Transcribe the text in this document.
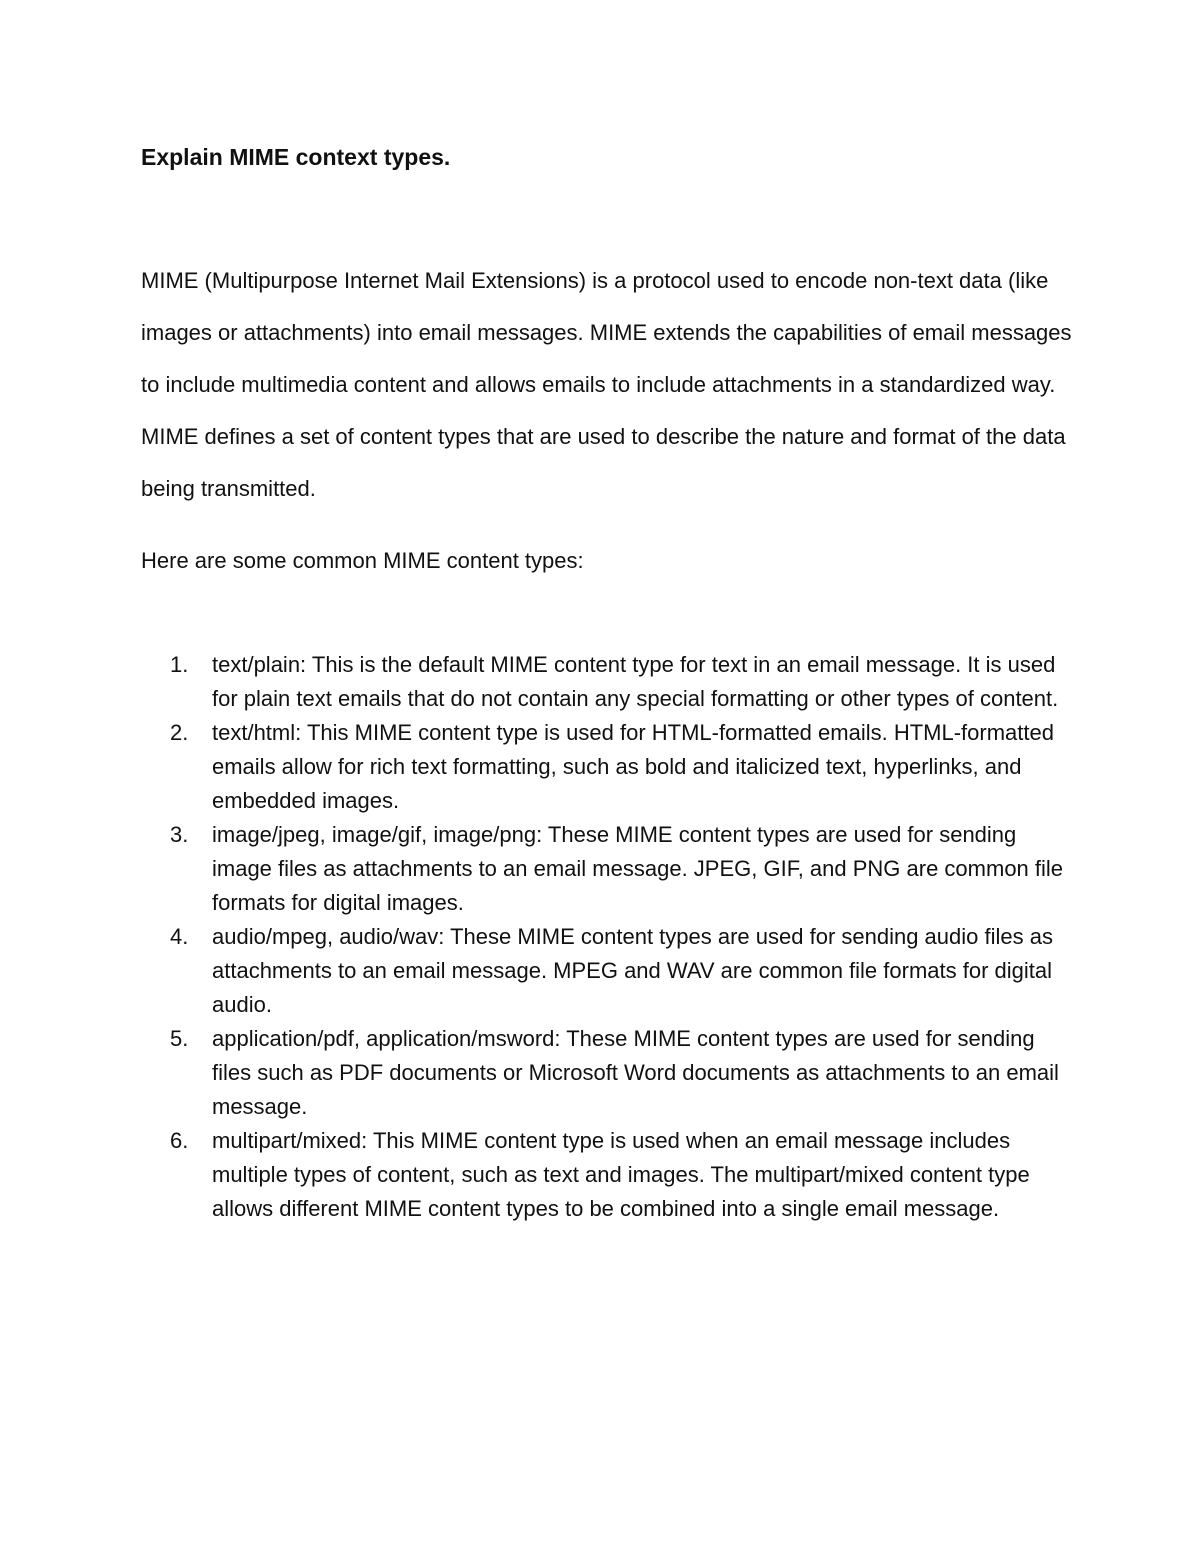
Explain MIME context types.

MIME (Multipurpose Internet Mail Extensions) is a protocol used to encode non-text data (like images or attachments) into email messages. MIME extends the capabilities of email messages to include multimedia content and allows emails to include attachments in a standardized way. MIME defines a set of content types that are used to describe the nature and format of the data being transmitted.

Here are some common MIME content types:

1.	text/plain: This is the default MIME content type for text in an email message. It is used for plain text emails that do not contain any special formatting or other types of content.
2.	text/html: This MIME content type is used for HTML-formatted emails. HTML-formatted emails allow for rich text formatting, such as bold and italicized text, hyperlinks, and embedded images.
3.	image/jpeg, image/gif, image/png: These MIME content types are used for sending image files as attachments to an email message. JPEG, GIF, and PNG are common file formats for digital images.
4.	audio/mpeg, audio/wav: These MIME content types are used for sending audio files as attachments to an email message. MPEG and WAV are common file formats for digital audio.
5.	application/pdf, application/msword: These MIME content types are used for sending files such as PDF documents or Microsoft Word documents as attachments to an email message.
6.	multipart/mixed: This MIME content type is used when an email message includes multiple types of content, such as text and images. The multipart/mixed content type allows different MIME content types to be combined into a single email message.
